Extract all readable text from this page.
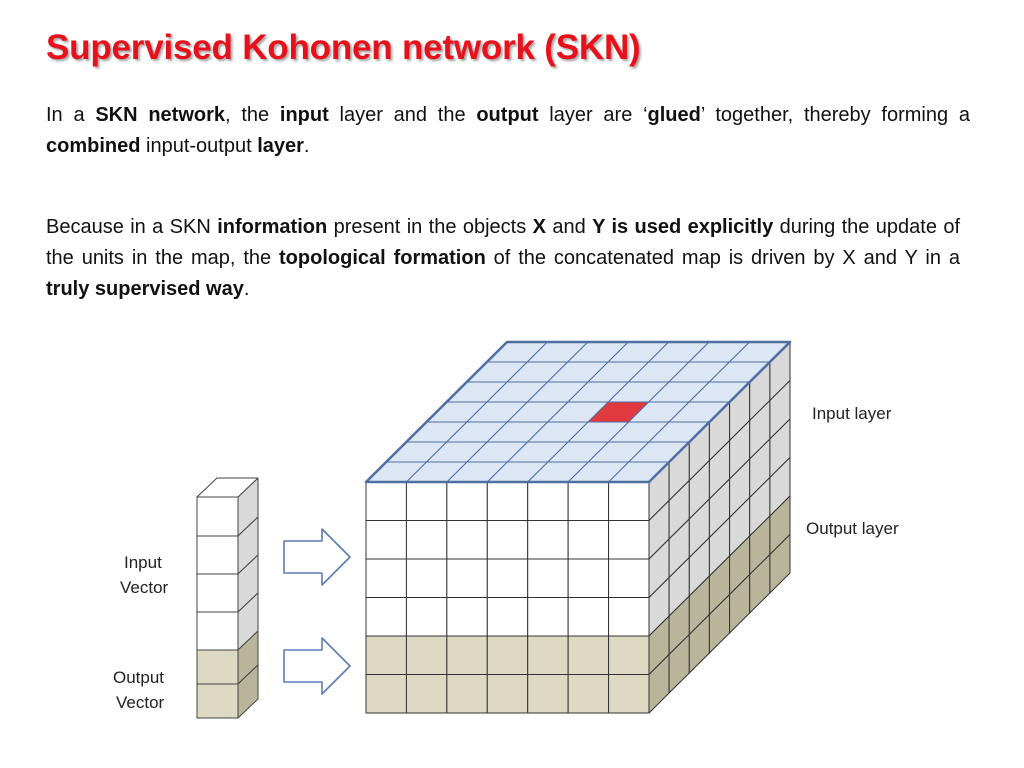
Supervised Kohonen network (SKN)
In a SKN network, the input layer and the output layer are ‘glued’ together, thereby forming a combined input-output layer.
Because in a SKN information present in the objects X and Y is used explicitly during the update of the units in the map, the topological formation of the concatenated map is driven by X and Y in a truly supervised way.
Input
Vector
Output
Vector
Input layer
Output layer
